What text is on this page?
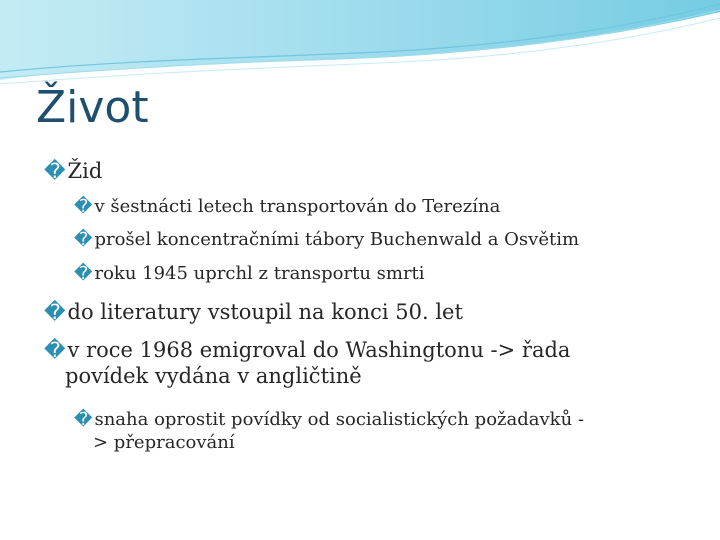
Život
�Žid
� v šestnácti letech transportován do Terezína
� prošel koncentračními tábory Buchenwald a Osvětim
� roku 1945 uprchl z transportu smrti
�do literatury vstoupil na konci 50. let
�v roce 1968 emigroval do Washingtonu -> řada
povídek vydána v angličtině
� snaha oprostit povídky od socialistických požadavků -
> přepracování
